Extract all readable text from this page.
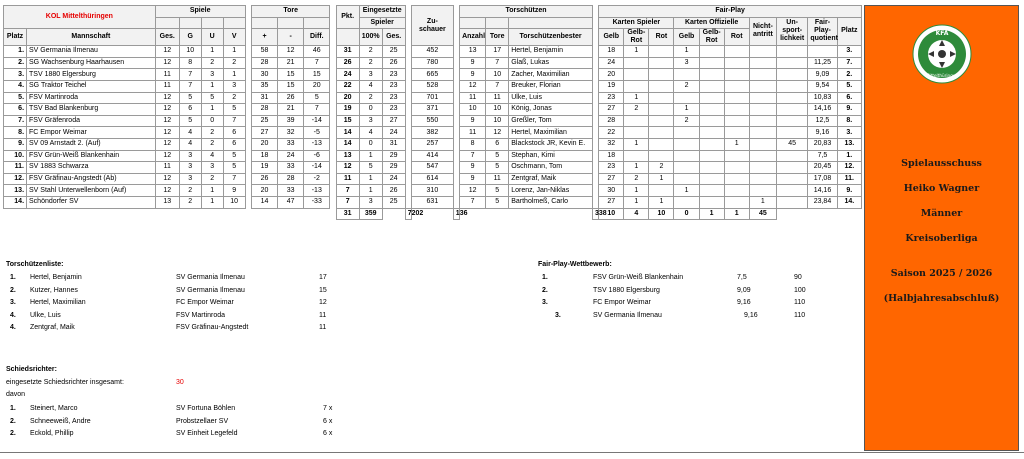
KOL Mittelthüringen		Spiele					Tore				Pkt.	Eingesetzte			Zu-schauer		Torschützen				Fair-Play									
												Spieler									Karten Spieler			Karten Offizielle			Nicht-antritt	Un-sport-lichkeit	Fair-Play-quotient	Platz
Platz	Mannschaft	Ges.	G	U	V		+	-	Diff.			100%	Ges.				Anzahl	Tore	Torschützenbester		Gelb	Gelb-Rot	Rot	Gelb	Gelb-Rot	Rot				
1.	SV Germania Ilmenau	12	10	1	1		58	12	46		31	2	25		452		13	17	Hertel, Benjamin		18	1		1						3.
2.	SG Wachsenburg Haarhausen	12	8	2	2		28	21	7		26	2	26		780		9	7	Glaß, Lukas		24			3					11,25	7.
3.	TSV 1880 Elgersburg	11	7	3	1		30	15	15		24	3	23		665		9	10	Zacher, Maximilian		20								9,09	2.
4.	SG Traktor Teichel	11	7	1	3		35	15	20		22	4	23		528		12	7	Breuker, Florian		19			2					9,54	5.
5.	FSV Martinroda	12	5	5	2		31	26	5		20	2	23		701		11	11	Ulke, Luis		23	1							10,83	6.
6.	TSV Bad Blankenburg	12	6	1	5		28	21	7		19	0	23		371		10	10	König, Jonas		27	2		1					14,16	9.
7.	FSV Gräfenroda	12	5	0	7		25	39	-14		15	3	27		550		9	10	Greßler, Tom		28			2					12,5	8.
8.	FC Empor Weimar	12	4	2	6		27	32	-5		14	4	24		382		11	12	Hertel, Maximilian		22								9,16	3.
9.	SV 09 Arnstadt 2. (Auf)	12	4	2	6		20	33	-13		14	0	31		257		8	6	Blackstock JR, Kevin E.		32	1				1		45	20,83	13.
10.	FSV Grün-Weiß Blankenhain	12	3	4	5		18	24	-6		13	1	29		414		7	5	Stephan, Kimi		18								7,5	1.
11.	SV 1883 Schwarza	11	3	3	5		19	33	-14		12	5	29		547		9	5	Oschmann, Tom		23	1	2						20,45	12.
12.	FSV Gräfinau-Angstedt (Ab)	12	3	2	7		26	28	-2		11	1	24		614		9	11	Zentgraf, Maik		27	2	1						17,08	11.
13.	SV Stahl Unterwellenborn (Auf)	12	2	1	9		20	33	-13		7	1	26		310		12	5	Lorenz, Jan-Niklas		30	1		1					14,16	9.
14.	Schöndorfer SV	13	2	1	10		14	47	-33		7	3	25		631		7	5	Bartholmeß, Carlo		27	1	1				1		23,84	14.
											31	359		7202		136				338	10	4	10	0	1	1	45			
Torschützenliste:
1. Hertel, Benjamin	SV Germania Ilmenau	17
2. Kutzer, Hannes	SV Germania Ilmenau	15
3. Hertel, Maximilian	FC Empor Weimar	12
4. Ulke, Luis	FSV Martinroda	11
4. Zentgraf, Maik	FSV Gräfinau-Angstedt	11
Schiedsrichter:
eingesetzte Schiedsrichter insgesamt:	30
davon
1. Steinert, Marco	SV Fortuna Böhlen	7 x
2. Schneeweiß, Andre	Probstzellaer SV	6 x
2. Eckold, Phillip	SV Einheit Legefeld	6 x
Fair-Play-Wettbewerb:
1.	FSV Grün-Weiß Blankenhain	7,5	90
2.	TSV 1880 Elgersburg	9,09	100
3.	FC Empor Weimar	9,16	110
3.	SV Germania Ilmenau	9,16	110
KFA
Mittelthüringen
Spielausschuss
Heiko Wagner
Männer
Kreisoberliga
Saison 2025 / 2026
(Halbjahresabschluß)
